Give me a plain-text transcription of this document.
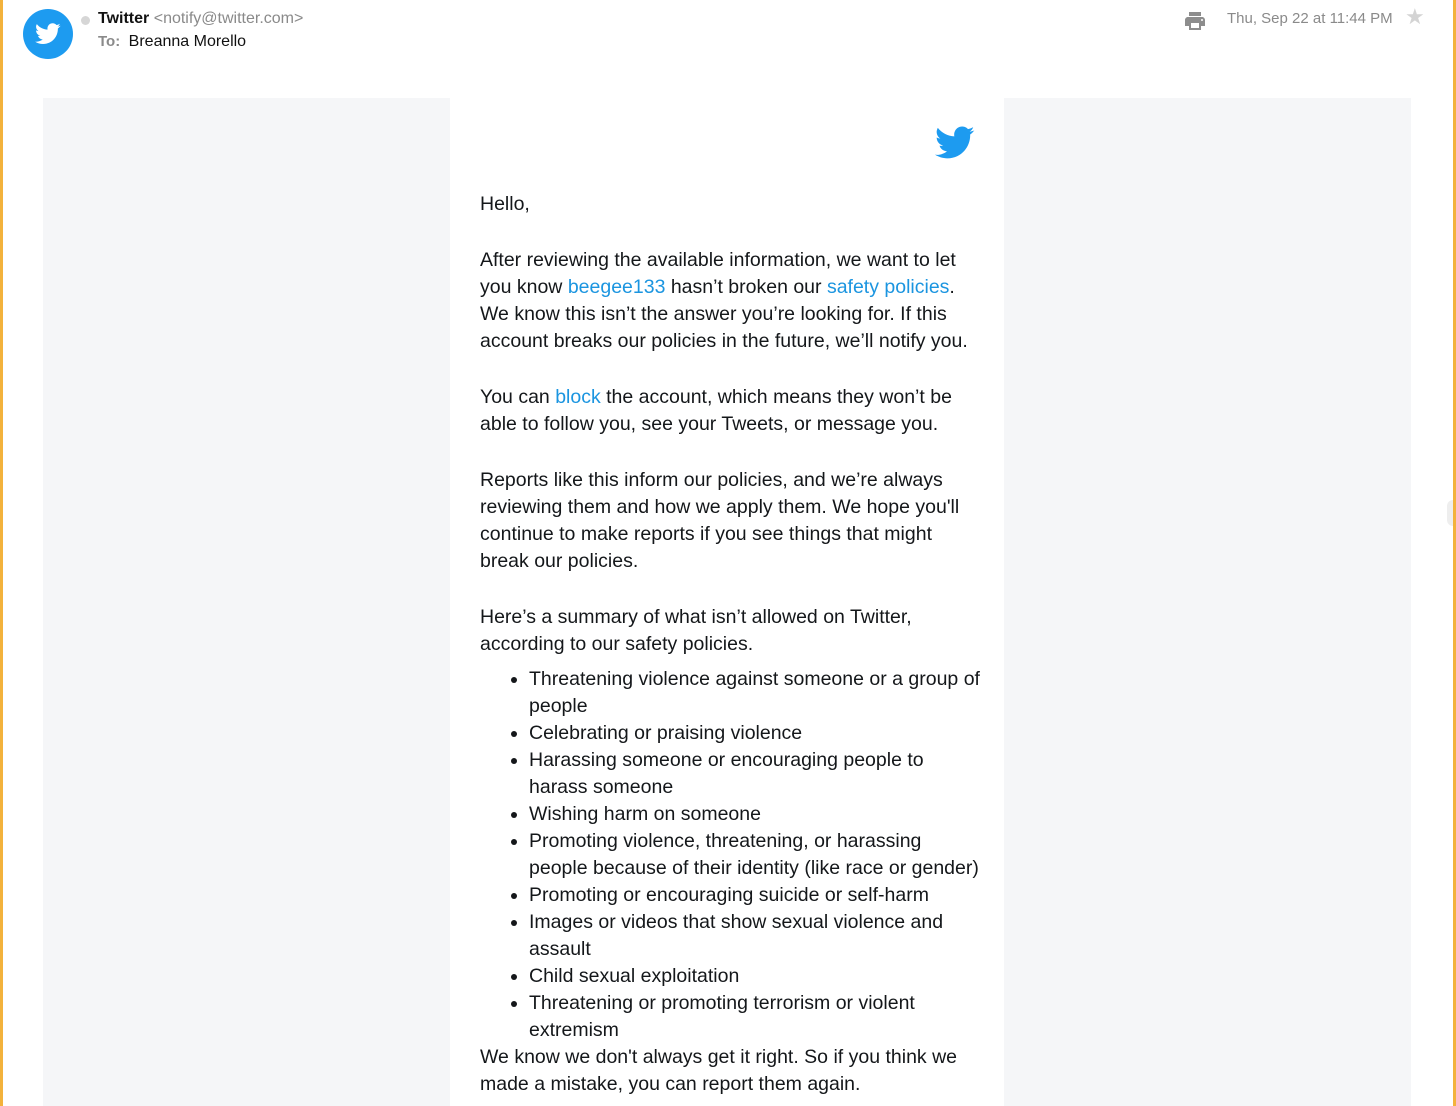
Twitter <notify@twitter.com>
To: Breanna Morello
Thu, Sep 22 at 11:44 PM ★

Hello,

After reviewing the available information, we want to let you know beegee133 hasn’t broken our safety policies. We know this isn’t the answer you’re looking for. If this account breaks our policies in the future, we’ll notify you.

You can block the account, which means they won’t be able to follow you, see your Tweets, or message you.

Reports like this inform our policies, and we’re always reviewing them and how we apply them. We hope you'll continue to make reports if you see things that might break our policies.

Here’s a summary of what isn’t allowed on Twitter, according to our safety policies.

• Threatening violence against someone or a group of people
• Celebrating or praising violence
• Harassing someone or encouraging people to harass someone
• Wishing harm on someone
• Promoting violence, threatening, or harassing people because of their identity (like race or gender)
• Promoting or encouraging suicide or self-harm
• Images or videos that show sexual violence and assault
• Child sexual exploitation
• Threatening or promoting terrorism or violent extremism

We know we don't always get it right. So if you think we made a mistake, you can report them again.
